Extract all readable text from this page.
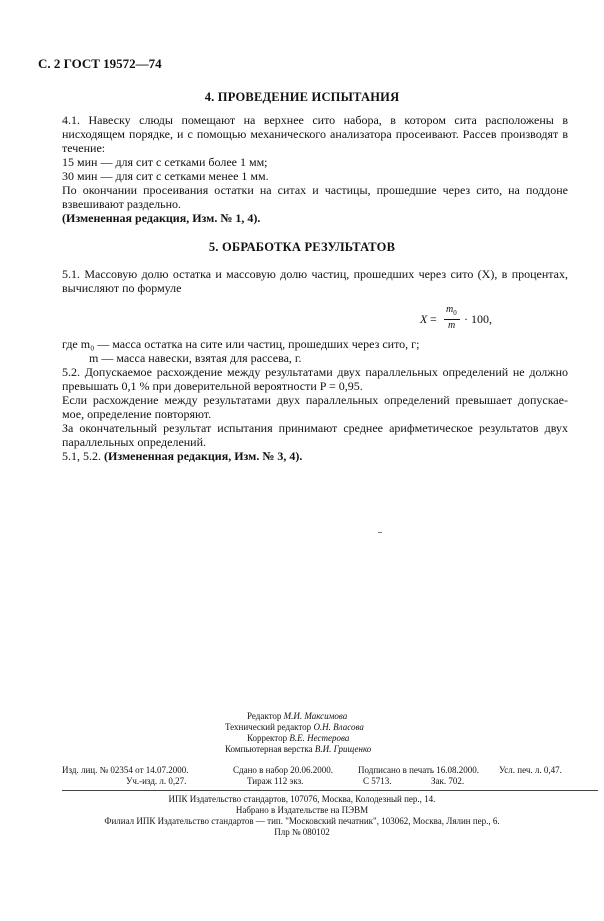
С. 2 ГОСТ 19572—74
4. ПРОВЕДЕНИЕ ИСПЫТАНИЯ
4.1. Навеску слюды помещают на верхнее сито набора, в котором сита расположены в
нисходящем порядке, и с помощью механического анализатора просеивают. Рассев производят в
течение:
15 мин — для сит с сетками более 1 мм;
30 мин — для сит с сетками менее 1 мм.
По окончании просеивания остатки на ситах и частицы, прошедшие через сито, на поддоне
взвешивают раздельно.
(Измененная редакция, Изм. № 1, 4).
5. ОБРАБОТКА РЕЗУЛЬТАТОВ
5.1. Массовую долю остатка и массовую долю частиц, прошедших через сито (X), в процентах,
вычисляют по формуле
X =
$m_0$
m · 100,
где m₀ — масса остатка на сите или частиц, прошедших через сито, г;
m — масса навески, взятая для рассева, г.
5.2. Допускаемое расхождение между результатами двух параллельных определений не должно
превышать 0,1 % при доверительной вероятности P = 0,95.
Если расхождение между результатами двух параллельных определений превышает допускае-
мое, определение повторяют.
За окончательный результат испытания принимают среднее арифметическое результатов двух
параллельных определений.
5.1, 5.2. (Измененная редакция, Изм. № 3, 4).
Редактор М.И. Максимова
Технический редактор О.Н. Власова
Корректор В.Е. Нестерова
Компьютерная верстка В.И. Грищенко
Изд. лиц. № 02354 от 14.07.2000.	Сдано в набор 20.06.2000.	Подписано в печать 16.08.2000. Усл. печ. л. 0,47.
Уч.-изд. л. 0,27.	Тираж 112 экз.	С 5713.	Зак. 702.
ИПК Издательство стандартов, 107076, Москва, Колодезный пер., 14.
Набрано в Издательстве на ПЭВМ
Филиал ИПК Издательство стандартов — тип. "Московский печатник", 103062, Москва, Лялин пер., 6.
Плр № 080102
